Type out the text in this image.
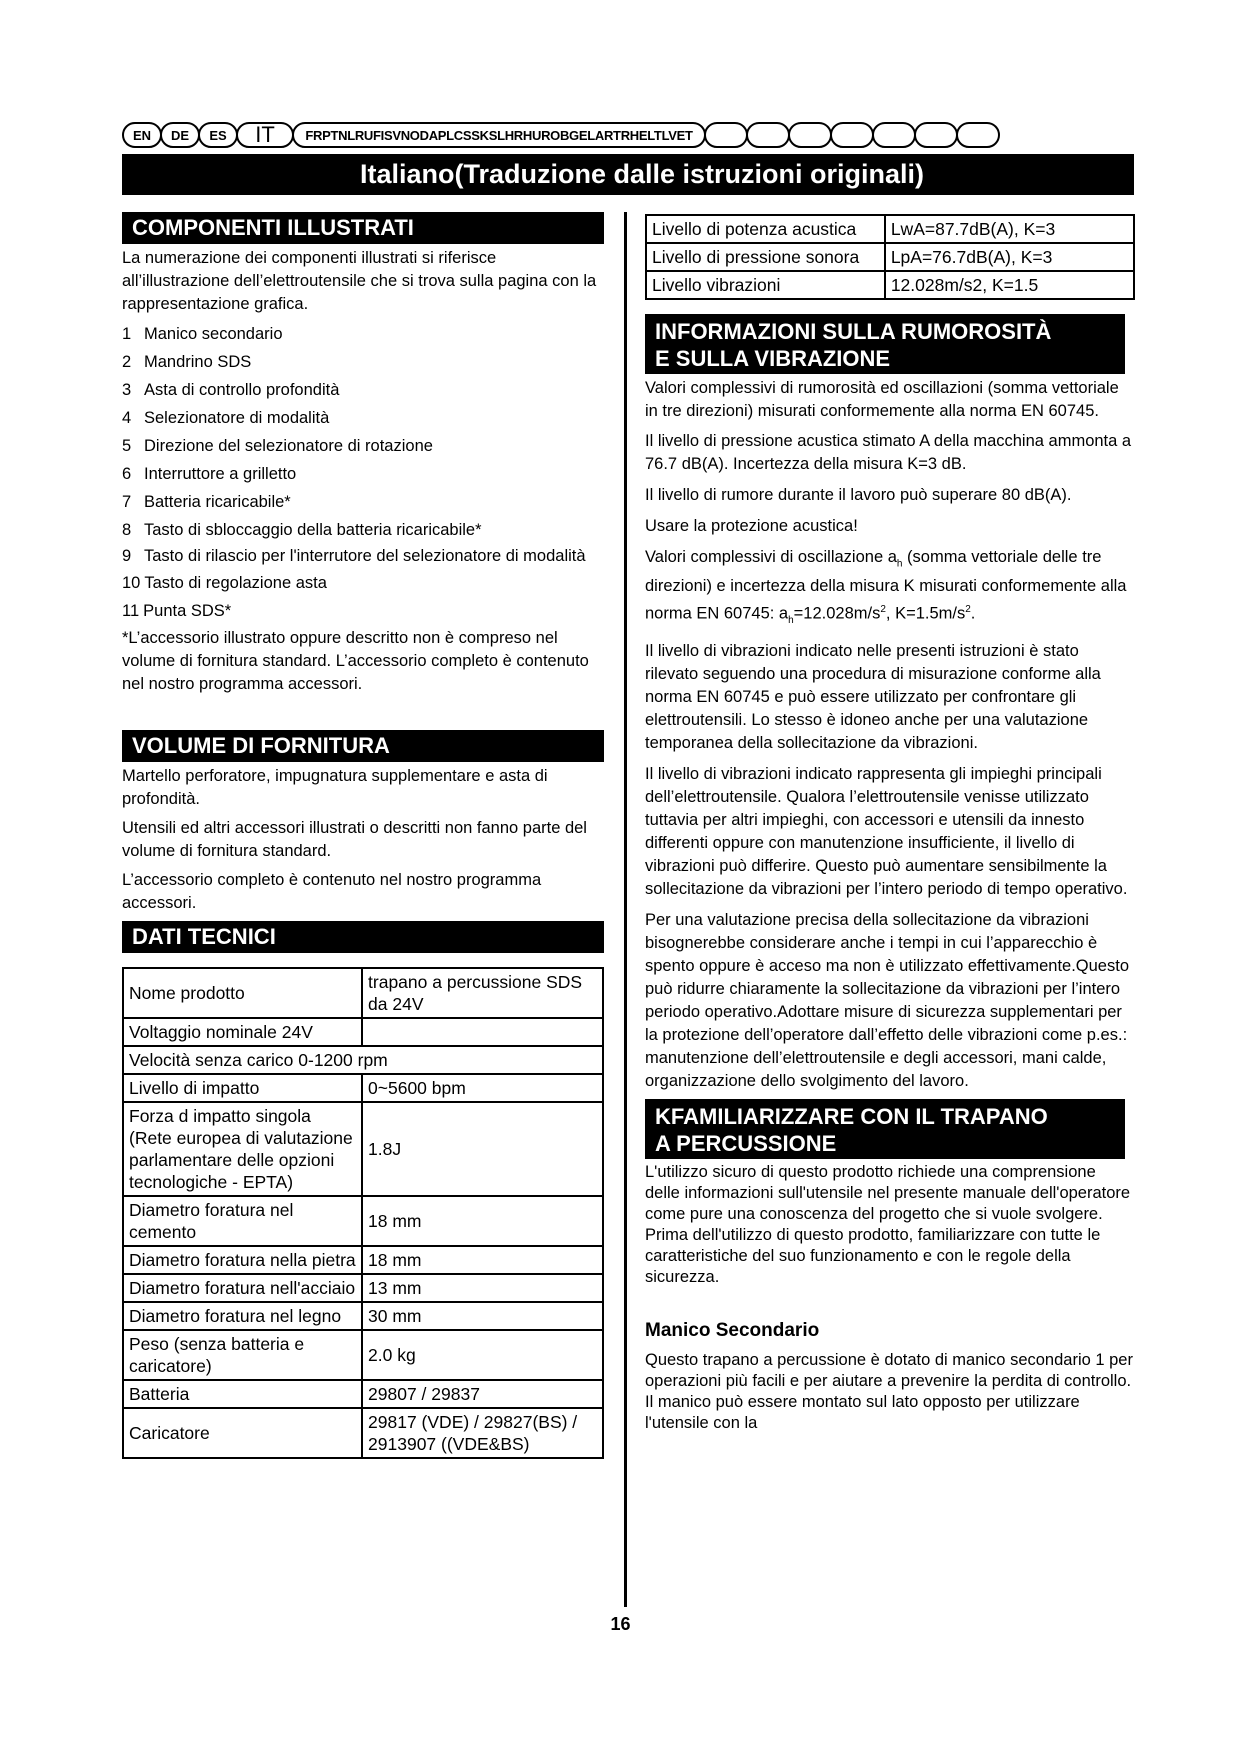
EN	DE	ES	IT	FRPTNLRUFISVNODAPLCSSKSLHRHUROBGELARTRHELTLVET
Italiano(Traduzione dalle istruzioni originali)
COMPONENTI ILLUSTRATI

La numerazione dei componenti illustrati si riferisce all’illustrazione dell’elettroutensile che si trova sulla pagina con la rappresentazione grafica.

1 Manico secondario
2 Mandrino SDS
3 Asta di controllo profondità
4 Selezionatore di modalità
5 Direzione del selezionatore di rotazione
6 Interruttore a grilletto
7 Batteria ricaricabile*
8 Tasto di sbloccaggio della batteria ricaricabile*
9 Tasto di rilascio per l'interrutore del selezionatore di modalità
10 Tasto di regolazione asta
11 Punta SDS*

*L’accessorio illustrato oppure descritto non è compreso nel volume di fornitura standard. L’accessorio completo è contenuto nel nostro programma accessori.

VOLUME DI FORNITURA

Martello perforatore, impugnatura supplementare e asta di profondità.

Utensili ed altri accessori illustrati o descritti non fanno parte del volume di fornitura standard.

L’accessorio completo è contenuto nel nostro programma accessori.

DATI TECNICI
Nome prodotto	trapano a percussione SDS da 24V
Voltaggio nominale 24V	
Velocità senza carico 0-1200 rpm	
Livello di impatto	0~5600 bpm
Forza d impatto singola (Rete europea di valutazione parlamentare delle opzioni tecnologiche - EPTA)	1.8J
Diametro foratura nel cemento	18 mm
Diametro foratura nella pietra	18 mm
Diametro foratura nell'acciaio	13 mm
Diametro foratura nel legno	30 mm
Peso (senza batteria e caricatore)	2.0 kg
Batteria	29807 / 29837
Caricatore	29817 (VDE) / 29827(BS) / 2913907 ((VDE&BS)
Livello di potenza acustica	LwA=87.7dB(A), K=3
Livello di pressione sonora	LpA=76.7dB(A), K=3
Livello vibrazioni	12.028m/s2, K=1.5
INFORMAZIONI SULLA RUMOROSITÀ
E SULLA VIBRAZIONE

Valori complessivi di rumorosità ed oscillazioni (somma vettoriale in tre direzioni) misurati conformemente alla norma EN 60745.

Il livello di pressione acustica stimato A della macchina ammonta a 76.7 dB(A). Incertezza della misura K=3 dB.

Il livello di rumore durante il lavoro può superare 80 dB(A).

Usare la protezione acustica!

Valori complessivi di oscillazione $a_h$ (somma vettoriale delle tre direzioni) e incertezza della misura K misurati conformemente alla norma EN 60745: $a_h=12.028m/s^2$, $K=1.5m/s^2$.

Il livello di vibrazioni indicato nelle presenti istruzioni è stato rilevato seguendo una procedura di misurazione conforme alla norma EN 60745 e può essere utilizzato per confrontare gli elettroutensili. Lo stesso è idoneo anche per una valutazione temporanea della sollecitazione da vibrazioni.

Il livello di vibrazioni indicato rappresenta gli impieghi principali dell’elettroutensile. Qualora l’elettroutensile venisse utilizzato tuttavia per altri impieghi, con accessori e utensili da innesto differenti oppure con manutenzione insufficiente, il livello di vibrazioni può differire. Questo può aumentare sensibilmente la sollecitazione da vibrazioni per l’intero periodo di tempo operativo.

Per una valutazione precisa della sollecitazione da vibrazioni bisognerebbe considerare anche i tempi in cui l’apparecchio è spento oppure è acceso ma non è utilizzato effettivamente.Questo può ridurre chiaramente la sollecitazione da vibrazioni per l’intero periodo operativo.Adottare misure di sicurezza supplementari per la protezione dell’operatore dall’effetto delle vibrazioni come p.es.: manutenzione dell’elettroutensile e degli accessori, mani calde, organizzazione dello svolgimento del lavoro.

KFAMILIARIZZARE CON IL TRAPANO
A PERCUSSIONE

L'utilizzo sicuro di questo prodotto richiede una comprensione delle informazioni sull'utensile nel presente manuale dell'operatore come pure una conoscenza del progetto che si vuole svolgere. Prima dell'utilizzo di questo prodotto, familiarizzare con tutte le caratteristiche del suo funzionamento e con le regole della sicurezza.

Manico Secondario

Questo trapano a percussione è dotato di manico secondario 1 per operazioni più facili e per aiutare a prevenire la perdita di controllo. Il manico può essere montato sul lato opposto per utilizzare l'utensile con la

16
